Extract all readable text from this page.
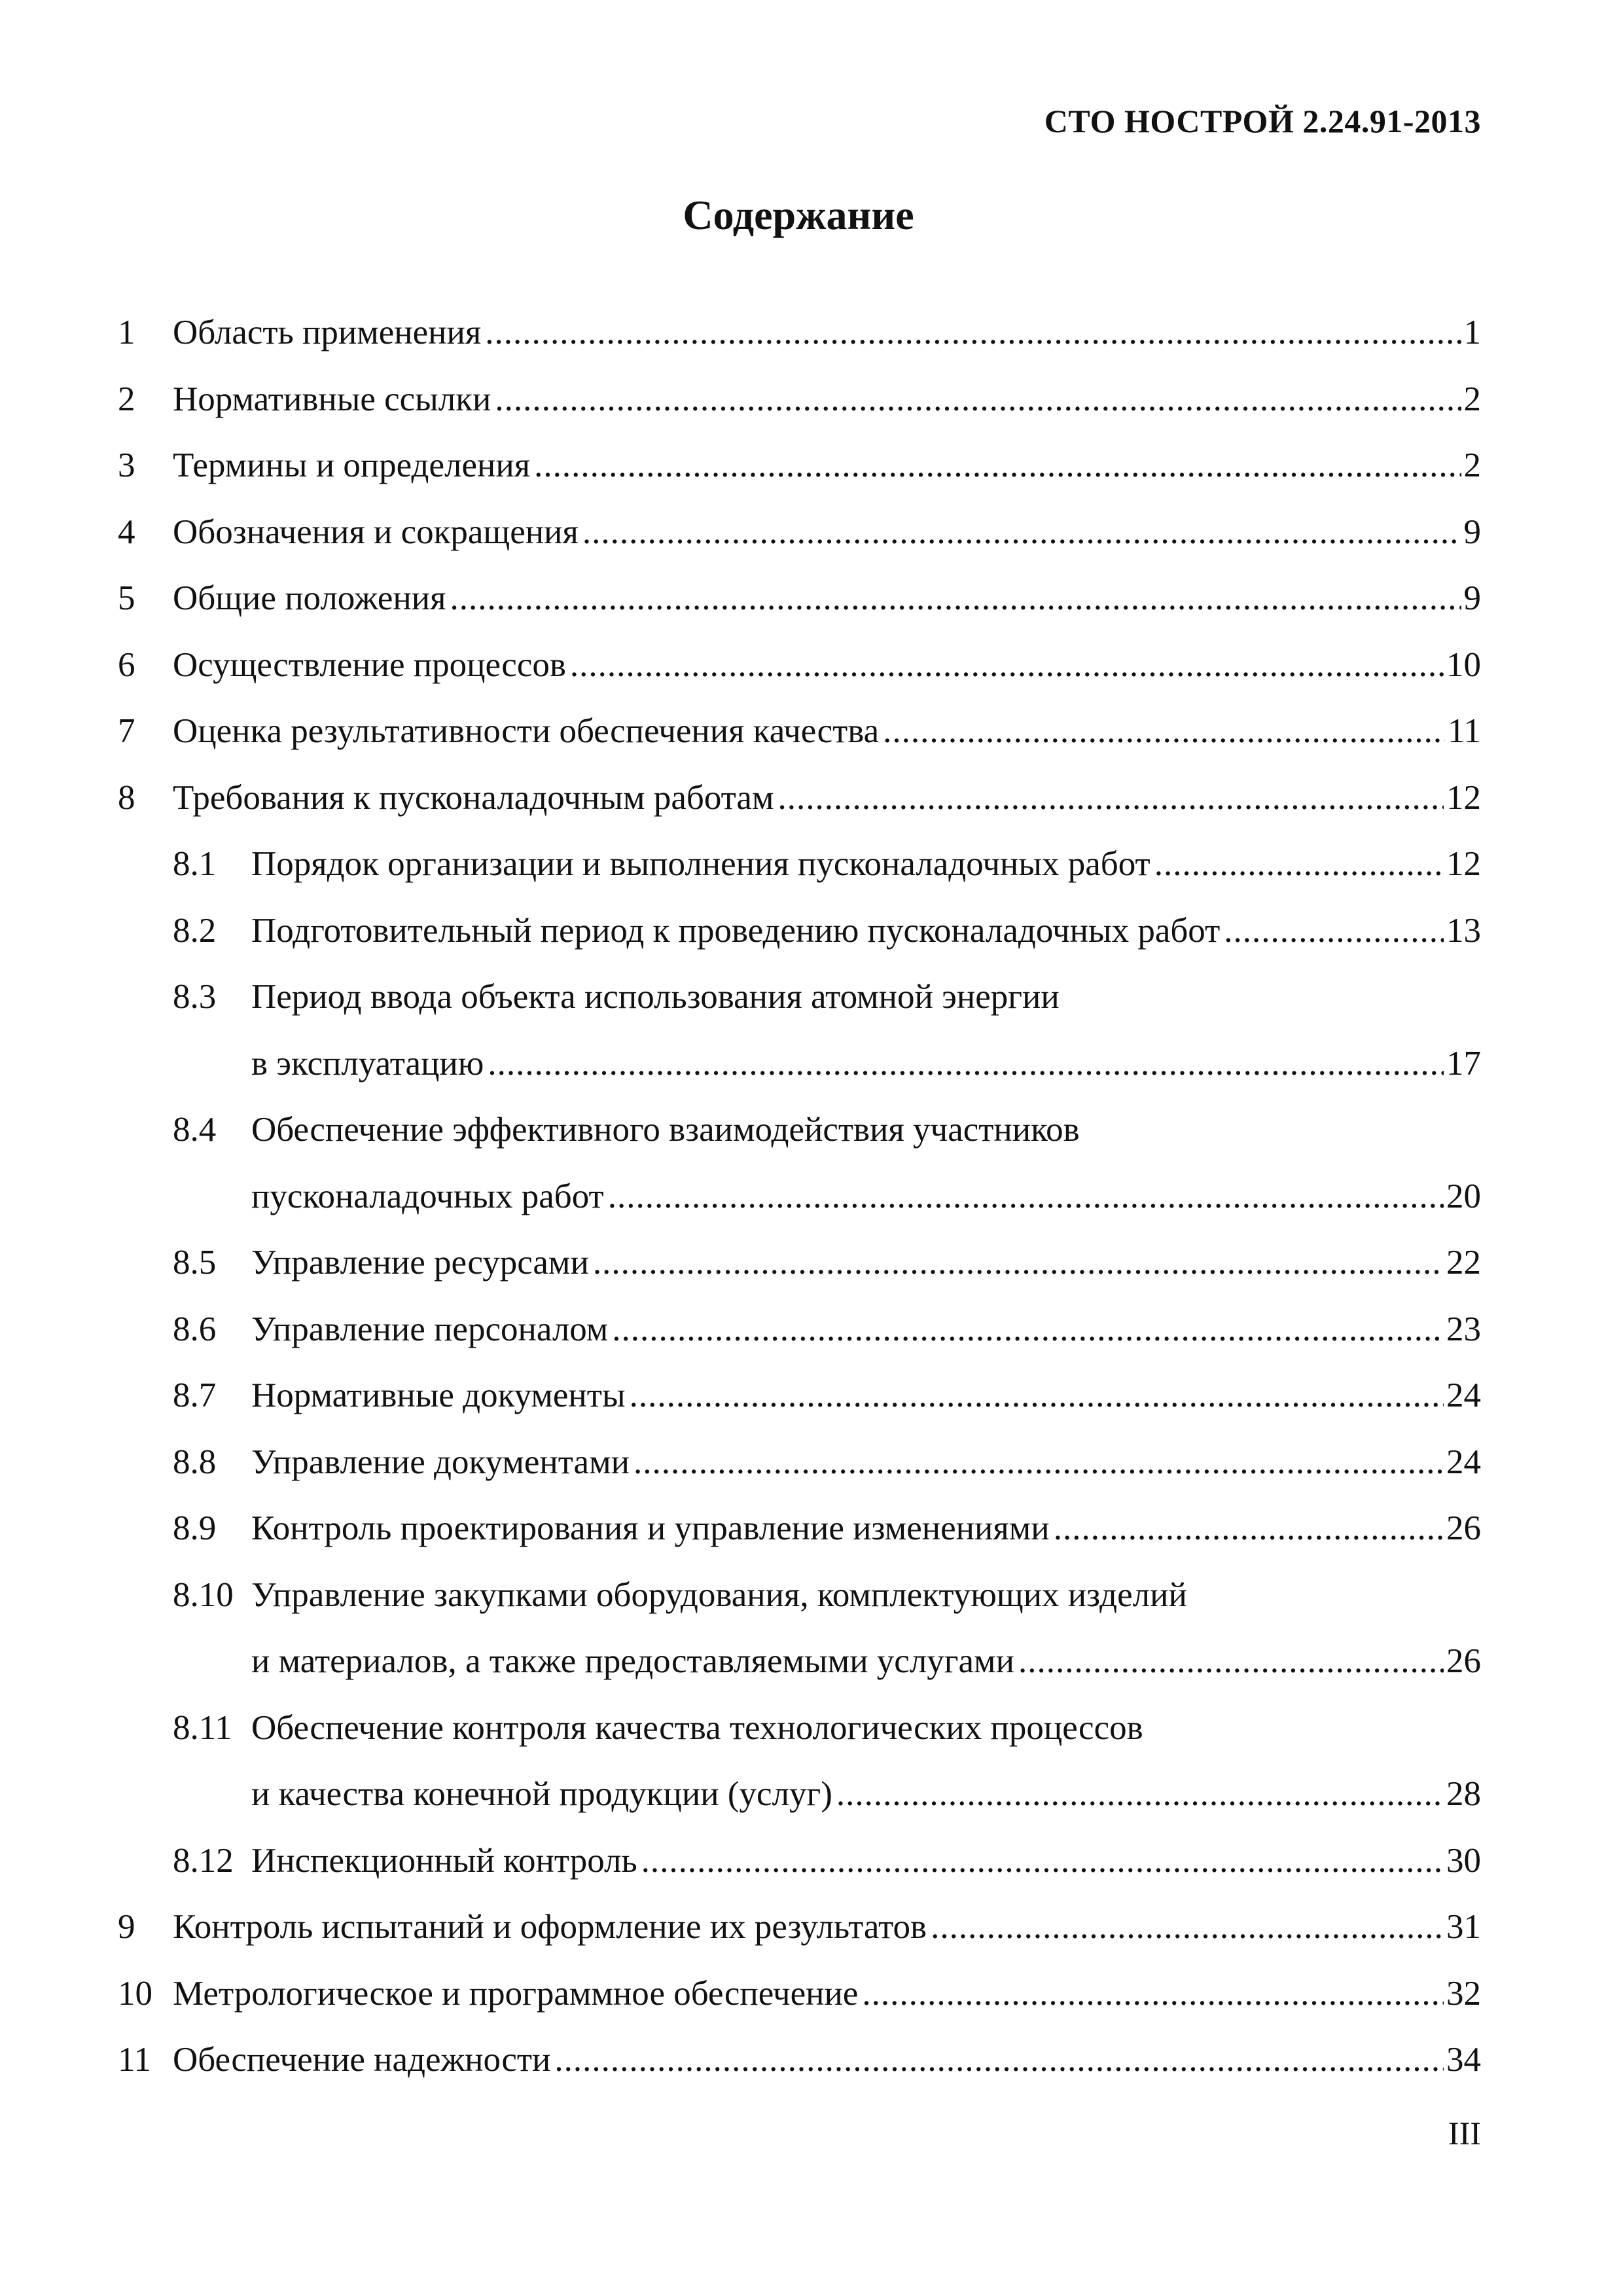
СТО НОСТРОЙ 2.24.91-2013
Содержание
1 Область применения .....	1
2 Нормативные ссылки .....	2
3 Термины и определения .....	2
4 Обозначения и сокращения .....	9
5 Общие положения .....	9
6 Осуществление процессов .....	10
7 Оценка результативности обеспечения качества .....	11
8 Требования к пусконаладочным работам .....	12
8.1 Порядок организации и выполнения пусконаладочных работ .....	12
8.2 Подготовительный период к проведению пусконаладочных работ .....	13
8.3 Период ввода объекта использования атомной энергии
в эксплуатацию .....	17
8.4 Обеспечение эффективного взаимодействия участников
пусконаладочных работ .....	20
8.5 Управление ресурсами .....	22
8.6 Управление персоналом .....	23
8.7 Нормативные документы .....	24
8.8 Управление документами .....	24
8.9 Контроль проектирования и управление изменениями .....	26
8.10 Управление закупками оборудования, комплектующих изделий
и материалов, а также предоставляемыми услугами .....	26
8.11 Обеспечение контроля качества технологических процессов
и качества конечной продукции (услуг) .....	28
8.12 Инспекционный контроль .....	30
9 Контроль испытаний и оформление их результатов .....	31
10 Метрологическое и программное обеспечение .....	32
11 Обеспечение надежности .....	34
III
